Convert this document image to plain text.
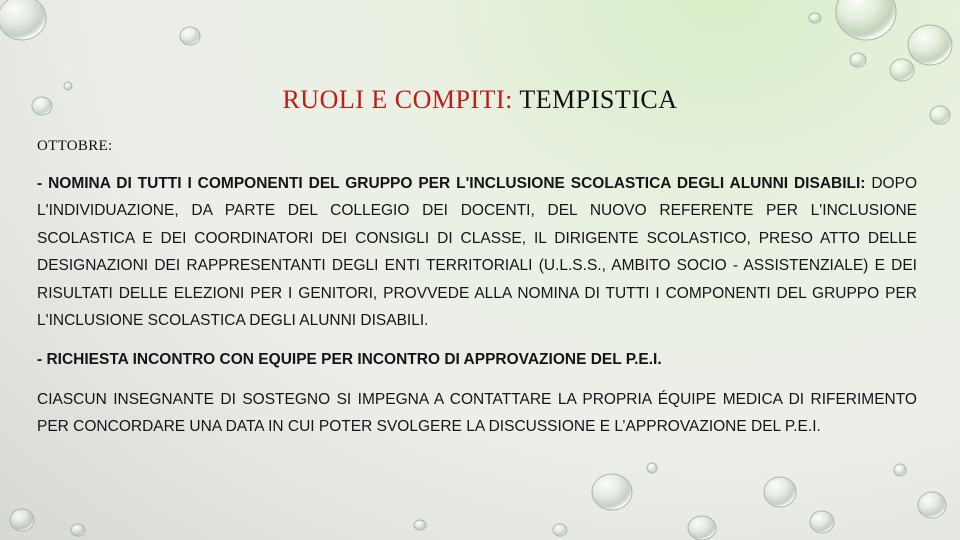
RUOLI E COMPITI: TEMPISTICA
OTTOBRE:

- NOMINA DI TUTTI I COMPONENTI DEL GRUPPO PER L'INCLUSIONE SCOLASTICA DEGLI ALUNNI DISABILI: DOPO L'INDIVIDUAZIONE, DA PARTE DEL COLLEGIO DEI DOCENTI, DEL NUOVO REFERENTE PER L'INCLUSIONE SCOLASTICA E DEI COORDINATORI DEI CONSIGLI DI CLASSE, IL DIRIGENTE SCOLASTICO, PRESO ATTO DELLE DESIGNAZIONI DEI RAPPRESENTANTI DEGLI ENTI TERRITORIALI (U.L.S.S., AMBITO SOCIO - ASSISTENZIALE) E DEI RISULTATI DELLE ELEZIONI PER I GENITORI, PROVVEDE ALLA NOMINA DI TUTTI I COMPONENTI DEL GRUPPO PER L'INCLUSIONE SCOLASTICA DEGLI ALUNNI DISABILI.

- RICHIESTA INCONTRO CON EQUIPE PER INCONTRO DI APPROVAZIONE DEL P.E.I.

CIASCUN INSEGNANTE DI SOSTEGNO SI IMPEGNA A CONTATTARE LA PROPRIA ÉQUIPE MEDICA DI RIFERIMENTO PER CONCORDARE UNA DATA IN CUI POTER SVOLGERE LA DISCUSSIONE E L’APPROVAZIONE DEL P.E.I.
